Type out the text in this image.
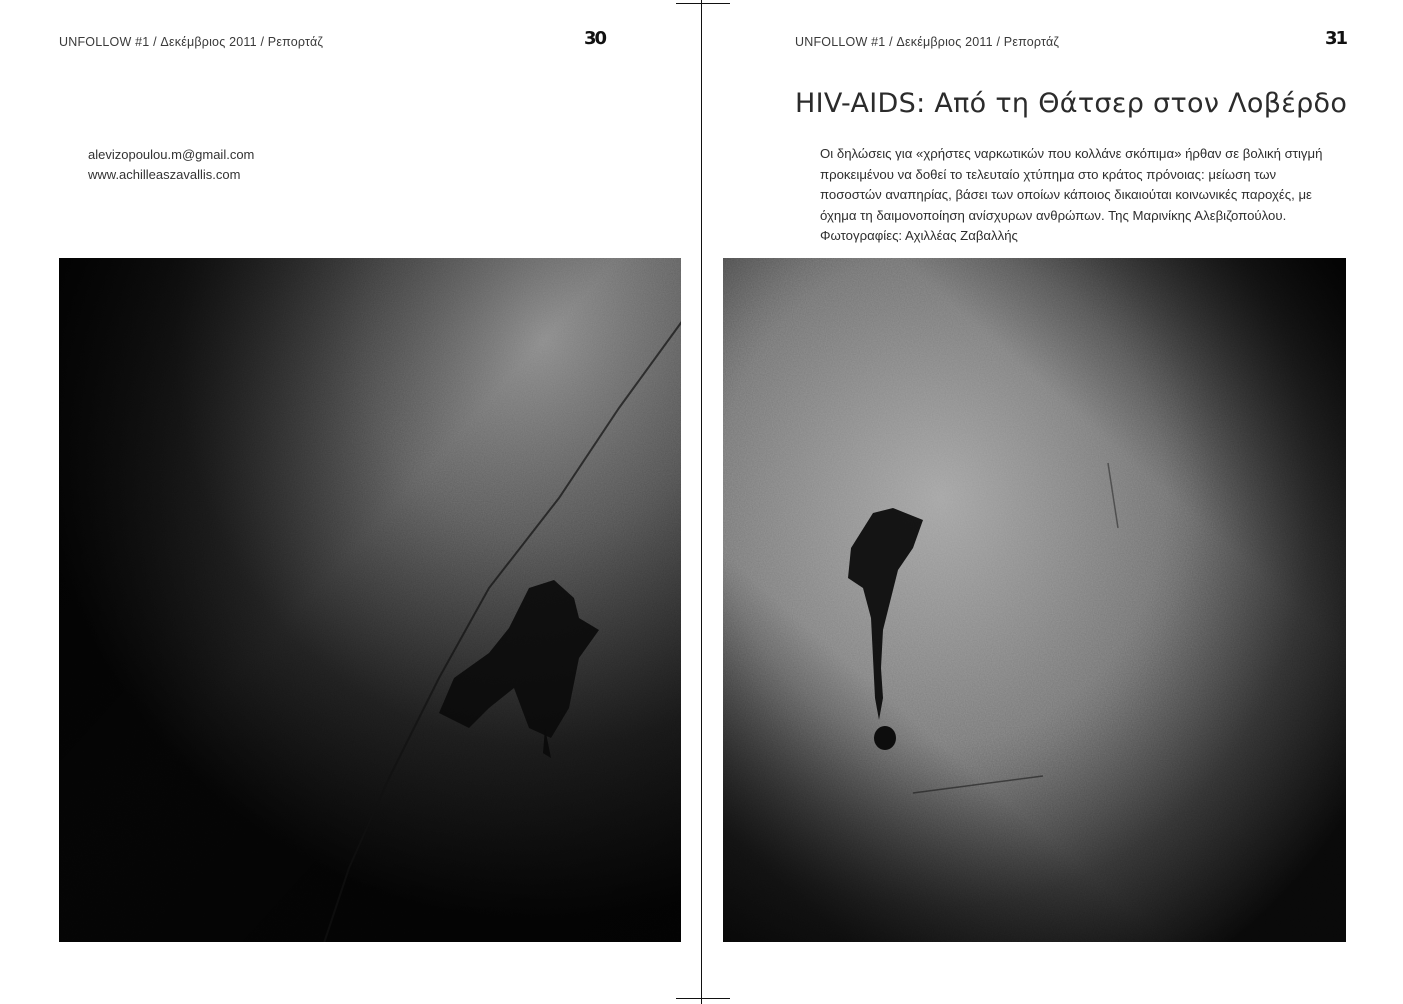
UNFOLLOW #1 / Δεκέμβριος 2011 / Ρεπορτάζ	30
alevizopoulou.m@gmail.com
www.achilleaszavallis.com
UNFOLLOW #1 / Δεκέμβριος 2011 / Ρεπορτάζ	31
HIV-AIDS: Από τη Θάτσερ στον Λοβέρδο

Οι δηλώσεις για «χρήστες ναρκωτικών που κολλάνε σκόπιμα» ήρθαν σε βολική στιγμή προκειμένου να δοθεί το τελευταίο χτύπημα στο κράτος πρόνοιας: μείωση των ποσοστών αναπηρίας, βάσει των οποίων κάποιος δικαιούται κοινωνικές παροχές, με όχημα τη δαιμονοποίηση ανίσχυρων ανθρώπων. Της Μαρινίκης Αλεβιζοπούλου. Φωτογραφίες: Αχιλλέας Ζαβαλλής
